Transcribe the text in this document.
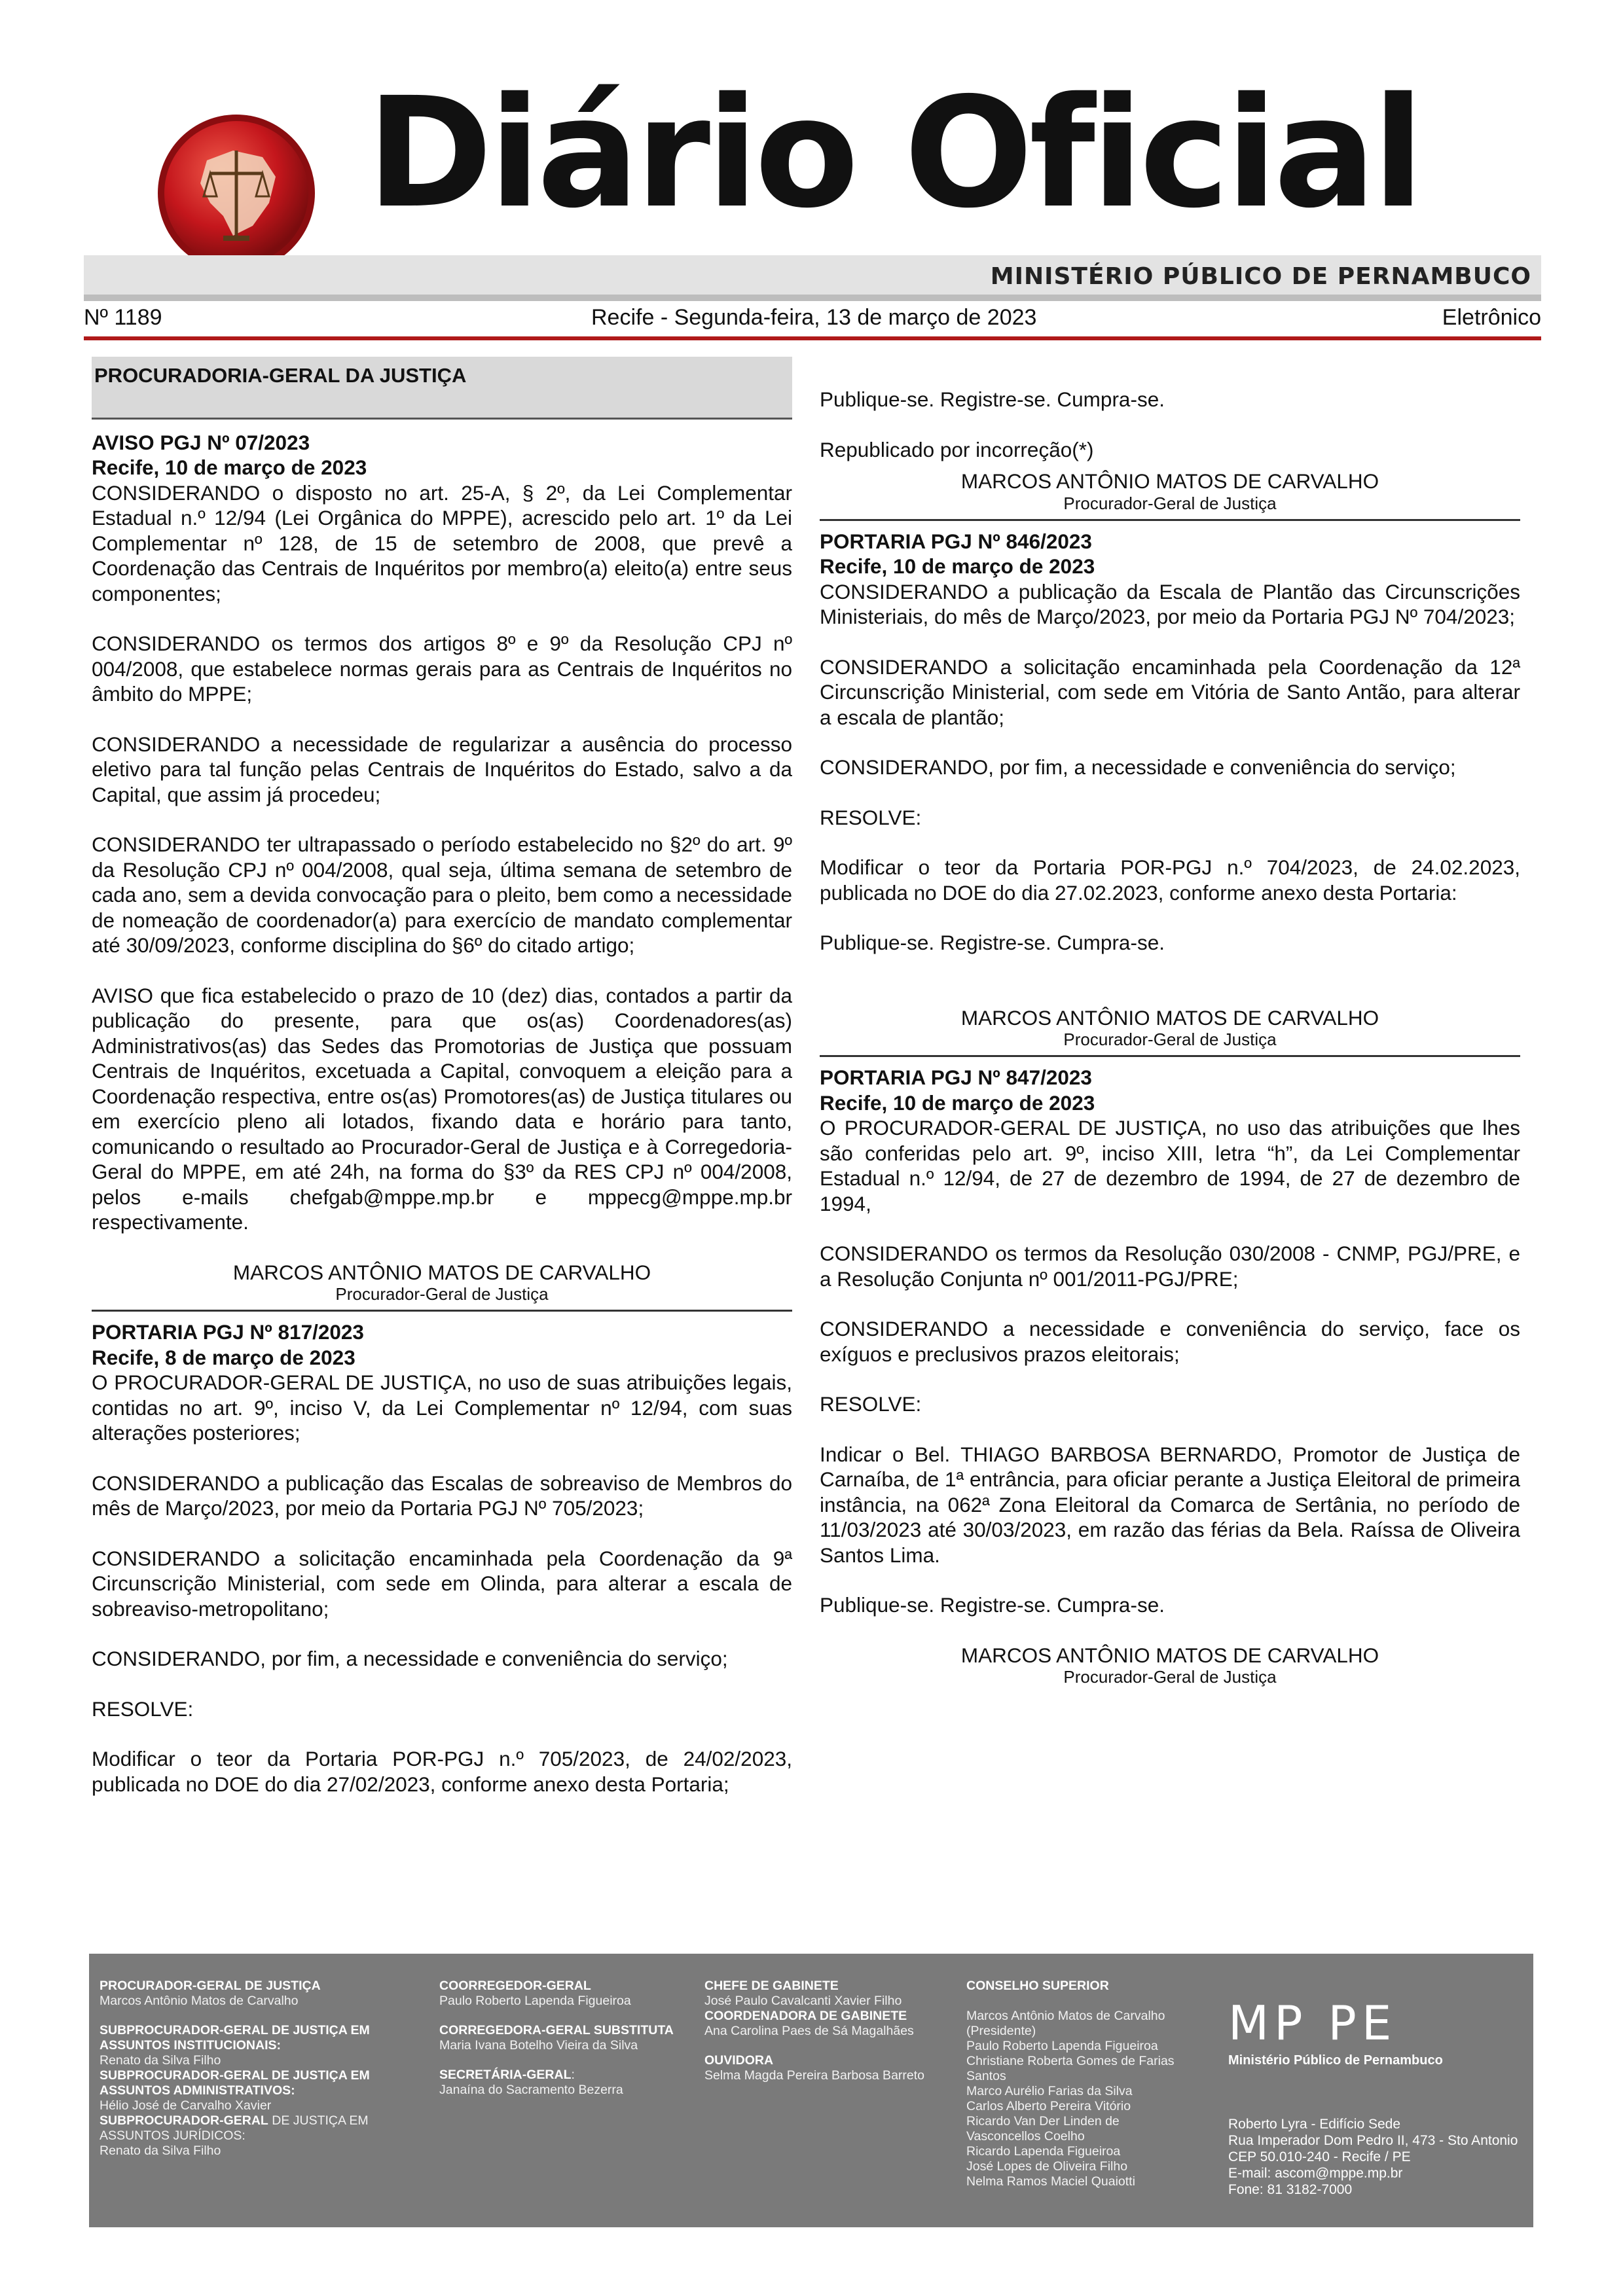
Diário Oficial
MINISTÉRIO PÚBLICO DE PERNAMBUCO
Nº 1189	Recife - Segunda-feira, 13 de março de 2023	Eletrônico
PROCURADORIA-GERAL DA JUSTIÇA

AVISO PGJ Nº 07/2023

Recife, 10 de março de 2023

CONSIDERANDO o disposto no art. 25-A, § 2º, da Lei Complementar Estadual n.º 12/94 (Lei Orgânica do MPPE), acrescido pelo art. 1º da Lei Complementar nº 128, de 15 de setembro de 2008, que prevê a Coordenação das Centrais de Inquéritos por membro(a) eleito(a) entre seus componentes;

CONSIDERANDO os termos dos artigos 8º e 9º da Resolução CPJ nº 004/2008, que estabelece normas gerais para as Centrais de Inquéritos no âmbito do MPPE;

CONSIDERANDO a necessidade de regularizar a ausência do processo eletivo para tal função pelas Centrais de Inquéritos do Estado, salvo a da Capital, que assim já procedeu;

CONSIDERANDO ter ultrapassado o período estabelecido no §2º do art. 9º da Resolução CPJ nº 004/2008, qual seja, última semana de setembro de cada ano, sem a devida convocação para o pleito, bem como a necessidade de nomeação de coordenador(a) para exercício de mandato complementar até 30/09/2023, conforme disciplina do §6º do citado artigo;

AVISO que fica estabelecido o prazo de 10 (dez) dias, contados a partir da publicação do presente, para que os(as) Coordenadores(as) Administrativos(as) das Sedes das Promotorias de Justiça que possuam Centrais de Inquéritos, excetuada a Capital, convoquem a eleição para a Coordenação respectiva, entre os(as) Promotores(as) de Justiça titulares ou em exercício pleno ali lotados, fixando data e horário para tanto, comunicando o resultado ao Procurador-Geral de Justiça e à Corregedoria-Geral do MPPE, em até 24h, na forma do §3º da RES CPJ nº 004/2008, pelos e-mails chefgab@mppe.mp.br e mppecg@mppe.mp.br respectivamente.

MARCOS ANTÔNIO MATOS DE CARVALHO

Procurador-Geral de Justiça

PORTARIA PGJ Nº 817/2023

Recife, 8 de março de 2023

O PROCURADOR-GERAL DE JUSTIÇA, no uso de suas atribuições legais, contidas no art. 9º, inciso V, da Lei Complementar nº 12/94, com suas alterações posteriores;

CONSIDERANDO a publicação das Escalas de sobreaviso de Membros do mês de Março/2023, por meio da Portaria PGJ Nº 705/2023;

CONSIDERANDO a solicitação encaminhada pela Coordenação da 9ª Circunscrição Ministerial, com sede em Olinda, para alterar a escala de sobreaviso-metropolitano;

CONSIDERANDO, por fim, a necessidade e conveniência do serviço;

RESOLVE:

Modificar o teor da Portaria POR-PGJ n.º 705/2023, de 24/02/2023, publicada no DOE do dia 27/02/2023, conforme anexo desta Portaria;

Publique-se. Registre-se. Cumpra-se.

Republicado por incorreção(*)

MARCOS ANTÔNIO MATOS DE CARVALHO

Procurador-Geral de Justiça

PORTARIA PGJ Nº 846/2023

Recife, 10 de março de 2023

CONSIDERANDO a publicação da Escala de Plantão das Circunscrições Ministeriais, do mês de Março/2023, por meio da Portaria PGJ Nº 704/2023;

CONSIDERANDO a solicitação encaminhada pela Coordenação da 12ª Circunscrição Ministerial, com sede em Vitória de Santo Antão, para alterar a escala de plantão;

CONSIDERANDO, por fim, a necessidade e conveniência do serviço;

RESOLVE:

Modificar o teor da Portaria POR-PGJ n.º 704/2023, de 24.02.2023, publicada no DOE do dia 27.02.2023, conforme anexo desta Portaria:

Publique-se. Registre-se. Cumpra-se.

MARCOS ANTÔNIO MATOS DE CARVALHO

Procurador-Geral de Justiça

PORTARIA PGJ Nº 847/2023

Recife, 10 de março de 2023

O PROCURADOR-GERAL DE JUSTIÇA, no uso das atribuições que lhes são conferidas pelo art. 9º, inciso XIII, letra “h”, da Lei Complementar Estadual n.º 12/94, de 27 de dezembro de 1994, de 27 de dezembro de 1994,

CONSIDERANDO os termos da Resolução 030/2008 - CNMP, PGJ/PRE, e a Resolução Conjunta nº 001/2011-PGJ/PRE;

CONSIDERANDO a necessidade e conveniência do serviço, face os exíguos e preclusivos prazos eleitorais;

RESOLVE:

Indicar o Bel. THIAGO BARBOSA BERNARDO, Promotor de Justiça de Carnaíba, de 1ª entrância, para oficiar perante a Justiça Eleitoral de primeira instância, na 062ª Zona Eleitoral da Comarca de Sertânia, no período de 11/03/2023 até 30/03/2023, em razão das férias da Bela. Raíssa de Oliveira Santos Lima.

Publique-se. Registre-se. Cumpra-se.

MARCOS ANTÔNIO MATOS DE CARVALHO

Procurador-Geral de Justiça

PROCURADOR-GERAL DE JUSTIÇA
Marcos Antônio Matos de Carvalho
SUBPROCURADOR-GERAL DE JUSTIÇA EM ASSUNTOS INSTITUCIONAIS:
Renato da Silva Filho
SUBPROCURADOR-GERAL DE JUSTIÇA EM ASSUNTOS ADMINISTRATIVOS:
Hélio José de Carvalho Xavier
SUBPROCURADOR-GERAL DE JUSTIÇA EM ASSUNTOS JURÍDICOS:
Renato da Silva Filho
COORREGEDOR-GERAL
Paulo Roberto Lapenda Figueiroa
CORREGEDORA-GERAL SUBSTITUTA
Maria Ivana Botelho Vieira da Silva
SECRETÁRIA-GERAL:
Janaína do Sacramento Bezerra
CHEFE DE GABINETE
José Paulo Cavalcanti Xavier Filho
COORDENADORA DE GABINETE
Ana Carolina Paes de Sá Magalhães
OUVIDORA
Selma Magda Pereira Barbosa Barreto
CONSELHO SUPERIOR
Marcos Antônio Matos de Carvalho
(Presidente)
Paulo Roberto Lapenda Figueiroa
Christiane Roberta Gomes de Farias
Santos
Marco Aurélio Farias da Silva
Carlos Alberto Pereira Vitório
Ricardo Van Der Linden de
Vasconcellos Coelho
Ricardo Lapenda Figueiroa
José Lopes de Oliveira Filho
Nelma Ramos Maciel Quaiotti
MP PE
Ministério Público de Pernambuco
Roberto Lyra - Edifício Sede
Rua Imperador Dom Pedro II, 473 - Sto Antonio
CEP 50.010-240 - Recife / PE
E-mail: ascom@mppe.mp.br
Fone: 81 3182-7000
